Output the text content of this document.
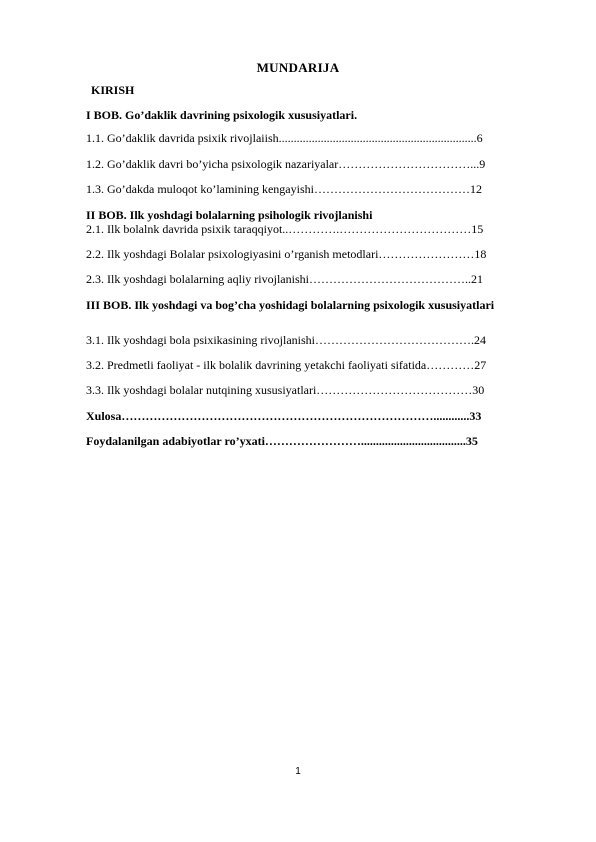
MUNDARIJA
KIRISH
I BOB. Go’daklik davrining psixologik xususiyatlari.
1.1. Go’daklik davrida psixik rivojlaiish..................................................................6
1.2. Go’daklik davri bo’yicha psixologik nazariyalar……………………………...9
1.3. Go’dakda muloqot ko’lamining kengayishi…………………………………12
II BOB. Ilk yoshdagi bolalarning psihologik rivojlanishi
2.1. Ilk bolalnk davrida psixik taraqqiyot..………….……………………………15
2.2. Ilk yoshdagi Bolalar psixologiyasini o’rganish metodlari……………………18
2.3. Ilk yoshdagi bolalarning aqliy rivojlanishi…………………………………..21
III BOB. Ilk yoshdagi va bog’cha yoshidagi bolalarning psixologik xususiyatlari
3.1. Ilk yoshdagi bola psixikasining rivojlanishi………………………………….24
3.2. Predmetli faoliyat - ilk bolalik davrining yetakchi faoliyati sifatida…………27
3.3. Ilk yoshdagi bolalar nutqining xususiyatlari…………………………………30
Xulosa……………………………………………………………………............33
Foydalanilgan adabiyotlar ro’yxati……………………...................................35
1
